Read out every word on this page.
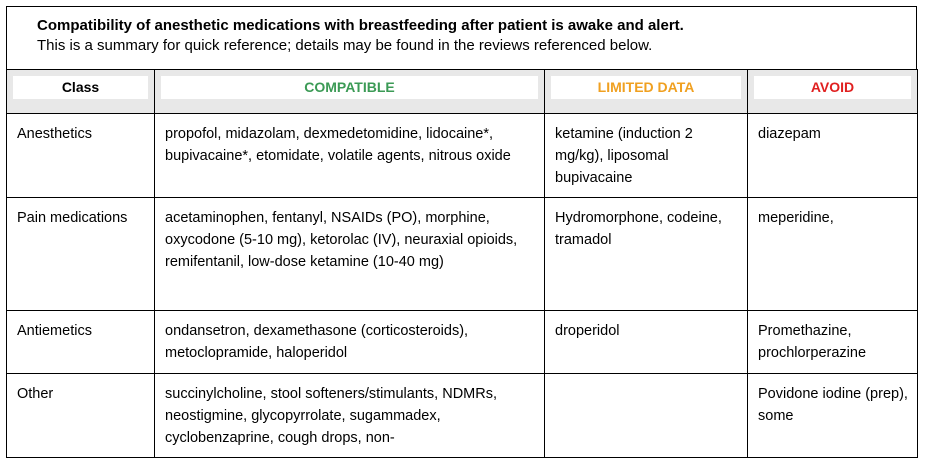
Compatibility of anesthetic medications with breastfeeding after patient is awake and alert.
This is a summary for quick reference; details may be found in the reviews referenced below.
Class	COMPATIBLE	LIMITED DATA	AVOID

Anesthetics	propofol, midazolam, dexmedetomidine, lidocaine*, bupivacaine*, etomidate, volatile agents, nitrous oxide	ketamine (induction 2 mg/kg), liposomal bupivacaine	diazepam
Pain medications	acetaminophen, fentanyl, NSAIDs (PO), morphine, oxycodone (5-10 mg), ketorolac (IV), neuraxial opioids, remifentanil, low-dose ketamine (10-40 mg)	Hydromorphone, codeine, tramadol	meperidine,
Antiemetics	ondansetron, dexamethasone (corticosteroids), metoclopramide, haloperidol	droperidol	Promethazine, prochlorperazine
Other	succinylcholine, stool softeners/stimulants, NDMRs, neostigmine, glycopyrrolate, sugammadex, cyclobenzaprine, cough drops, non-		Povidone iodine (prep), some
